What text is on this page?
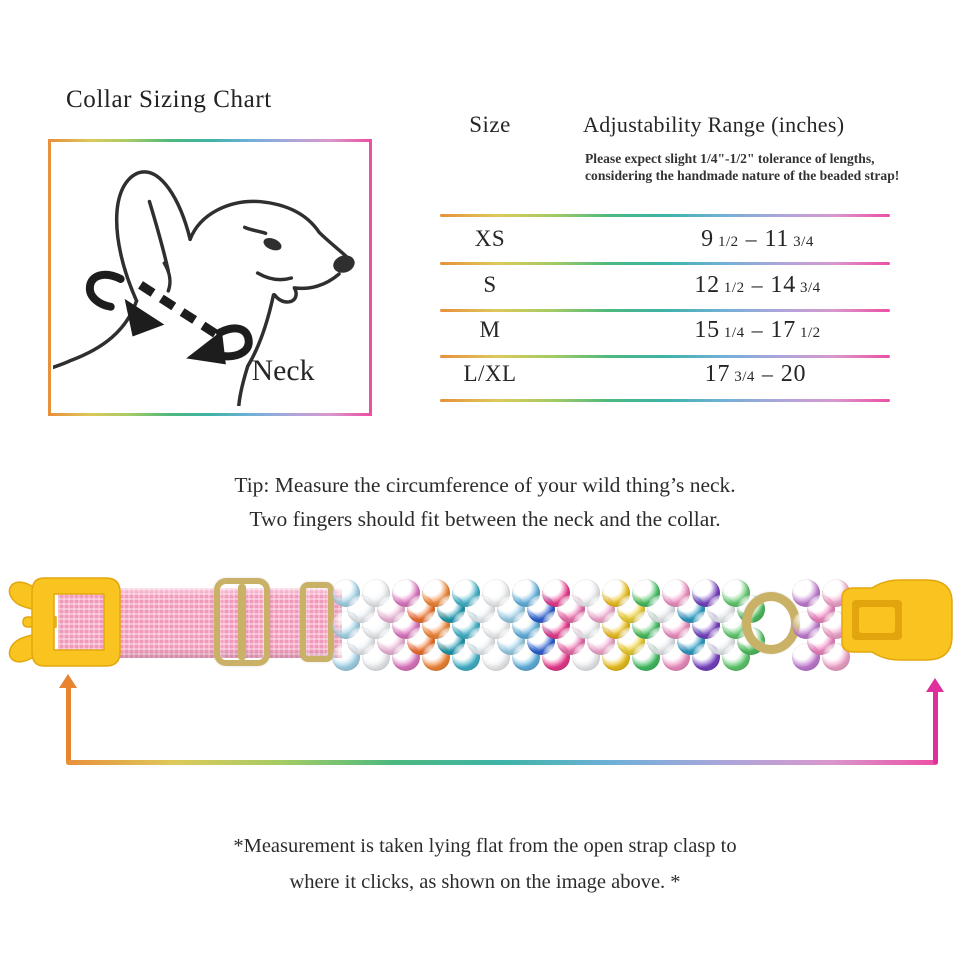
Collar Sizing Chart
Neck
Size	Adjustability Range (inches)
Please expect slight 1/4"-1/2" tolerance of lengths, considering the handmade nature of the beaded strap!
XS	9 1/2 – 11 3/4
S	12 1/2 – 14 3/4
M	15 1/4 – 17 1/2
L/XL	17 3/4 – 20
Tip: Measure the circumference of your wild thing’s neck.
Two fingers should fit between the neck and the collar.
*Measurement is taken lying flat from the open strap clasp to
where it clicks, as shown on the image above. *
